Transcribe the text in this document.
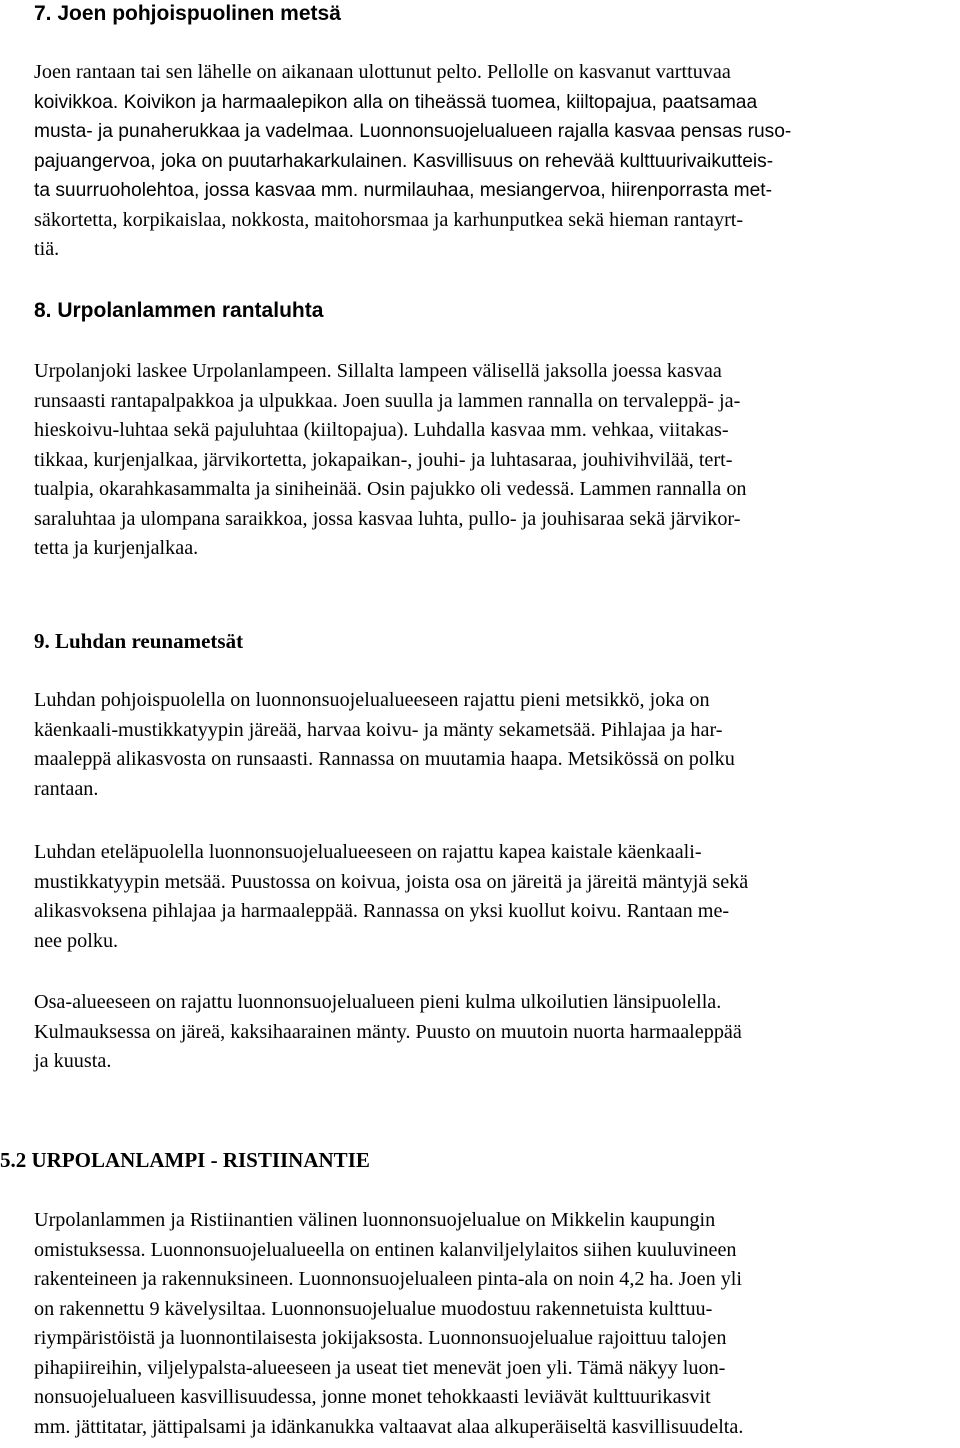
7. Joen pohjoispuolinen metsä
Joen rantaan tai sen lähelle on aikanaan ulottunut pelto. Pellolle on kasvanut varttuvaa
koivikkoa. Koivikon ja harmaalepikon alla on tiheässä tuomea, kiiltopajua, paatsamaa
musta- ja punaherukkaa ja vadelmaa. Luonnonsuojelualueen rajalla kasvaa pensas ruso-
pajuangervoa, joka on puutarhakarkulainen. Kasvillisuus on rehevää kulttuurivaikutteis-
ta suurruoholehtoa, jossa kasvaa mm. nurmilauhaa, mesiangervoa, hiirenporrasta met-
säkortetta, korpikaislaa, nokkosta, maitohorsmaa ja karhunputkea sekä hieman rantayrt-
tiä.
8. Urpolanlammen rantaluhta
Urpolanjoki laskee Urpolanlampeen. Sillalta lampeen välisellä jaksolla joessa kasvaa
runsaasti rantapalpakkoa ja ulpukkaa. Joen suulla ja lammen rannalla on tervaleppä- ja-
hieskoivu-luhtaa sekä pajuluhtaa (kiiltopajua). Luhdalla kasvaa mm. vehkaa, viitakas-
tikkaa, kurjenjalkaa, järvikortetta, jokapaikan-, jouhi- ja luhtasaraa, jouhivihvilää, tert-
tualpia, okarahkasammalta ja siniheinää. Osin pajukko oli vedessä. Lammen rannalla on
saraluhtaa ja ulompana saraikkoa, jossa kasvaa luhta, pullo- ja jouhisaraa sekä järvikor-
tetta ja kurjenjalkaa.
9. Luhdan reunametsät
Luhdan pohjoispuolella on luonnonsuojelualueeseen rajattu pieni metsikkö, joka on
käenkaali-mustikkatyypin järeää, harvaa koivu- ja mänty sekametsää. Pihlajaa ja har-
maaleppä alikasvosta on runsaasti. Rannassa on muutamia haapa. Metsikössä on polku
rantaan.
Luhdan eteläpuolella luonnonsuojelualueeseen on rajattu kapea kaistale käenkaali-
mustikkatyypin metsää. Puustossa on koivua, joista osa on järeitä ja järeitä mäntyjä sekä
alikasvoksena pihlajaa ja harmaaleppää. Rannassa on yksi kuollut koivu. Rantaan me-
nee polku.
Osa-alueeseen on rajattu luonnonsuojelualueen pieni kulma ulkoilutien länsipuolella.
Kulmauksessa on järeä, kaksihaarainen mänty. Puusto on muutoin nuorta harmaaleppää
ja kuusta.
5.2 URPOLANLAMPI - RISTIINANTIE
Urpolanlammen ja Ristiinantien välinen luonnonsuojelualue on Mikkelin kaupungin
omistuksessa. Luonnonsuojelualueella on entinen kalanviljelylaitos siihen kuuluvineen
rakenteineen ja rakennuksineen. Luonnonsuojelualeen pinta-ala on noin 4,2 ha. Joen yli
on rakennettu 9 kävelysiltaa. Luonnonsuojelualue muodostuu rakennetuista kulttuu-
riympäristöistä ja luonnontilaisesta jokijaksosta. Luonnonsuojelualue rajoittuu talojen
pihapiireihin, viljelypalsta-alueeseen ja useat tiet menevät joen yli. Tämä näkyy luon-
nonsuojelualueen kasvillisuudessa, jonne monet tehokkaasti leviävät kulttuurikasvit
mm. jättitatar, jättipalsami ja idänkanukka valtaavat alaa alkuperäiseltä kasvillisuudelta.
